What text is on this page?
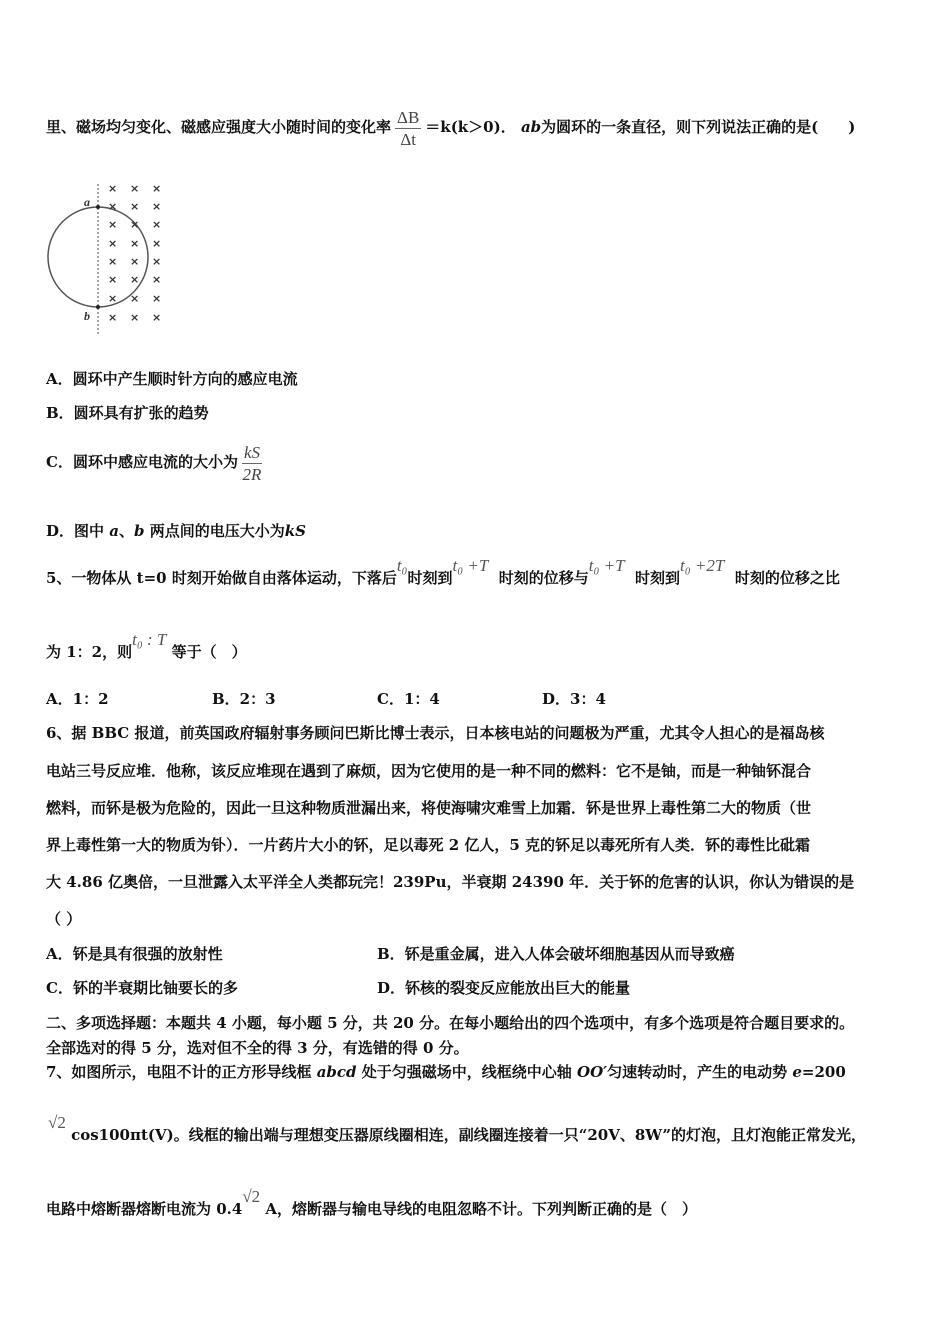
里、磁场均匀变化、磁感应强度大小随时间的变化率 $\frac{\Delta B}{\Delta t} =k(k>0)$． ab为圆环的一条直径，则下列说法正确的是(　　)
a
b
× × ×
× × ×
× × ×
× × ×
× × ×
× × ×
× × ×
× × ×
A．圆环中产生顺时针方向的感应电流
B．圆环具有扩张的趋势
C．圆环中感应电流的大小为 $\frac{kS}{2R}$
D．图中 a、b 两点间的电压大小为kS
5、一物体从 t=0 时刻开始做自由落体运动，下落后t₀时刻到t₀ +T  时刻的位移与t₀ +T  时刻到t₀ +2T  时刻的位移之比
为 1：2，则t₀ : T 等于（　）
A．1：2	B．2：3	C．1：4	D．3：4
6、据 BBC 报道，前英国政府辐射事务顾问巴斯比博士表示，日本核电站的问题极为严重，尤其令人担心的是福岛核
电站三号反应堆．他称，该反应堆现在遇到了麻烦，因为它使用的是一种不同的燃料：它不是铀，而是一种铀钚混合
燃料，而钚是极为危险的，因此一旦这种物质泄漏出来，将使海啸灾难雪上加霜．钚是世界上毒性第二大的物质（世
界上毒性第一大的物质为钋）．一片药片大小的钚，足以毒死 2 亿人，5 克的钚足以毒死所有人类．钚的毒性比砒霜
大 4.86 亿奥倍，一旦泄露入太平洋全人类都玩完！239Pu，半衰期 24390 年．关于钚的危害的认识，你认为错误的是
（ ）
A．钚是具有很强的放射性	B．钚是重金属，进入人体会破坏细胞基因从而导致癌
C．钚的半衰期比铀要长的多	D．钚核的裂变反应能放出巨大的能量
二、多项选择题：本题共 4 小题，每小题 5 分，共 20 分。在每小题给出的四个选项中，有多个选项是符合题目要求的。
全部选对的得 5 分，选对但不全的得 3 分，有选错的得 0 分。
7、如图所示，电阻不计的正方形导线框 abcd 处于匀强磁场中，线框绕中心轴 OO′匀速转动时，产生的电动势 e=200
√2 cos100πt(V)。线框的输出端与理想变压器原线圈相连，副线圈连接着一只“20V、8W”的灯泡，且灯泡能正常发光，
电路中熔断器熔断电流为 0.4√2 A，熔断器与输电导线的电阻忽略不计。下列判断正确的是（　）
